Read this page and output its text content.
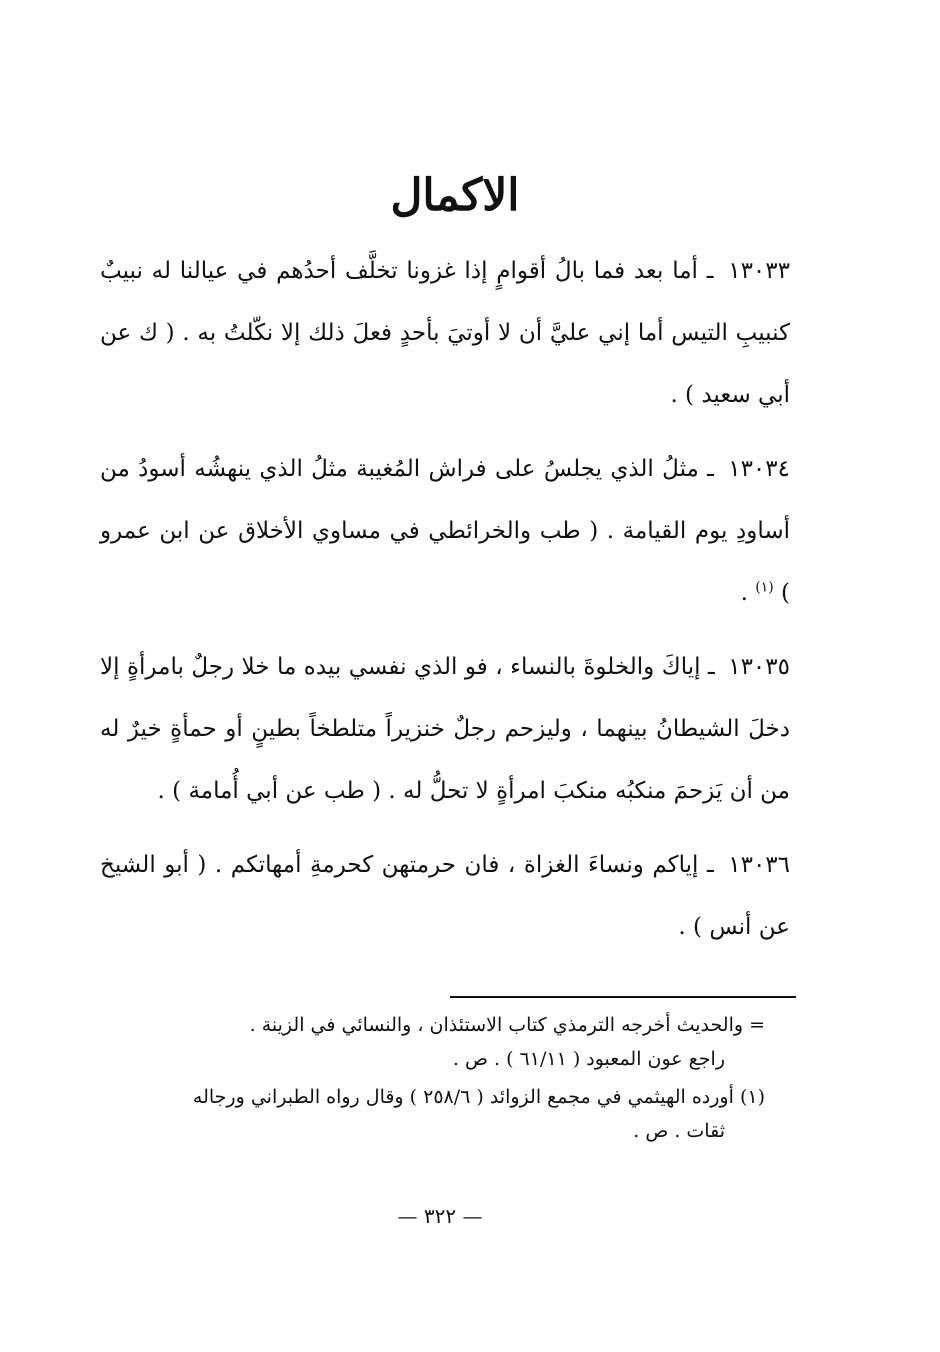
الاكمال

١٣٠٣٣ ـ أما بعد فما بالُ أقوامٍ إذا غزونا تخلَّف أحدُهم في عيالنا له نبيبٌ كنبيبِ التيس أما إني عليَّ أن لا أوتيَ بأحدٍ فعلَ ذلك إلا نكّلتُ به . ( ك عن أبي سعيد ) .

١٣٠٣٤ ـ مثلُ الذي يجلسُ على فراش المُغيبة مثلُ الذي ينهشُه أسودُ من أساودِ يوم القيامة . ( طب والخرائطي في مساوي الأخلاق عن ابن عمرو ) $^{(١)}$ .

١٣٠٣٥ ـ إياكَ والخلوةَ بالنساء ، فو الذي نفسي بيده ما خلا رجلٌ بامرأةٍ إلا دخلَ الشيطانُ بينهما ، وليزحم رجلٌ خنزيراً متلطخاً بطينٍ أو حمأةٍ خيرٌ له من أن يَزحمَ منكبُه منكبَ امرأةٍ لا تحلُّ له . ( طب عن أبي أُمامة ) .

١٣٠٣٦ ـ إياكم ونساءَ الغزاة ، فان حرمتهن كحرمةِ أمهاتكم . ( أبو الشيخ عن أنس ) .

= والحديث أخرجه الترمذي كتاب الاستئذان ، والنسائي في الزينة .
راجع عون المعبود ( ٦١/١١ ) . ص .
(١) أورده الهيثمي في مجمع الزوائد ( ٢٥٨/٦ ) وقال رواه الطبراني ورجاله
ثقات . ص .
— ٣٢٢ —
